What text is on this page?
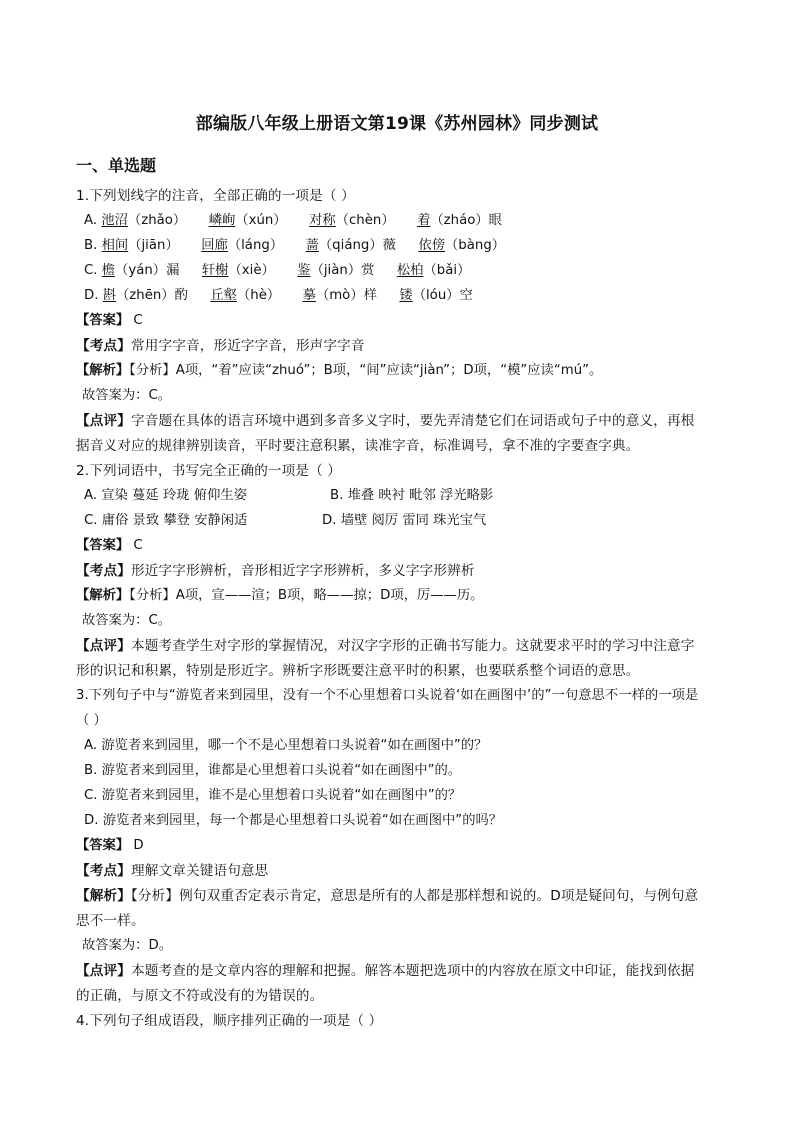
部编版八年级上册语文第19课《苏州园林》同步测试
一、单选题
1.下列划线字的注音，全部正确的一项是（ ）
A. 池沼（zhǎo） 嶙峋（xún） 对称（chèn） 着（zháo）眼
B. 相间（jiān） 回廊（láng） 蔷（qiáng）薇 依傍（bàng）
C. 檐（yán）漏 轩榭（xiè） 鉴（jiàn）赏 松柏（bǎi）
D. 斟（zhēn）酌 丘壑（hè） 摹（mò）样 镂（lóu）空
【答案】 C
【考点】常用字字音，形近字字音，形声字字音
【解析】【分析】A项，“着”应读“zhuó”；B项，“间”应读“jiàn”；D项，“模”应读“mú”。
故答案为：C。
【点评】字音题在具体的语言环境中遇到多音多义字时，要先弄清楚它们在词语或句子中的意义，再根
据音义对应的规律辨别读音，平时要注意积累，读准字音，标准调号，拿不准的字要查字典。
2.下列词语中，书写完全正确的一项是（ ）
A. 宣染 蔓延 玲珑 俯仰生姿	B. 堆叠 映衬 毗邻 浮光略影
C. 庸俗 景致 攀登 安静闲适	D. 墙壁 阅厉 雷同 珠光宝气
【答案】 C
【考点】形近字字形辨析，音形相近字字形辨析，多义字字形辨析
【解析】【分析】A项，宣——渲；B项，略——掠；D项，厉——历。
故答案为：C。
【点评】本题考查学生对字形的掌握情况，对汉字字形的正确书写能力。这就要求平时的学习中注意字
形的识记和积累，特别是形近字。辨析字形既要注意平时的积累，也要联系整个词语的意思。
3.下列句子中与“游览者来到园里，没有一个不心里想着口头说着‘如在画图中’的”一句意思不一样的一项是
（ ）
A. 游览者来到园里，哪一个不是心里想着口头说着“如在画图中”的？
B. 游览者来到园里，谁都是心里想着口头说着“如在画图中”的。
C. 游览者来到园里，谁不是心里想着口头说着“如在画图中”的？
D. 游览者来到园里，每一个都是心里想着口头说着“如在画图中”的吗？
【答案】 D
【考点】理解文章关键语句意思
【解析】【分析】例句双重否定表示肯定，意思是所有的人都是那样想和说的。D项是疑问句，与例句意
思不一样。
故答案为：D。
【点评】本题考查的是文章内容的理解和把握。解答本题把选项中的内容放在原文中印证，能找到依据
的正确，与原文不符或没有的为错误的。
4.下列句子组成语段，顺序排列正确的一项是（ ）
